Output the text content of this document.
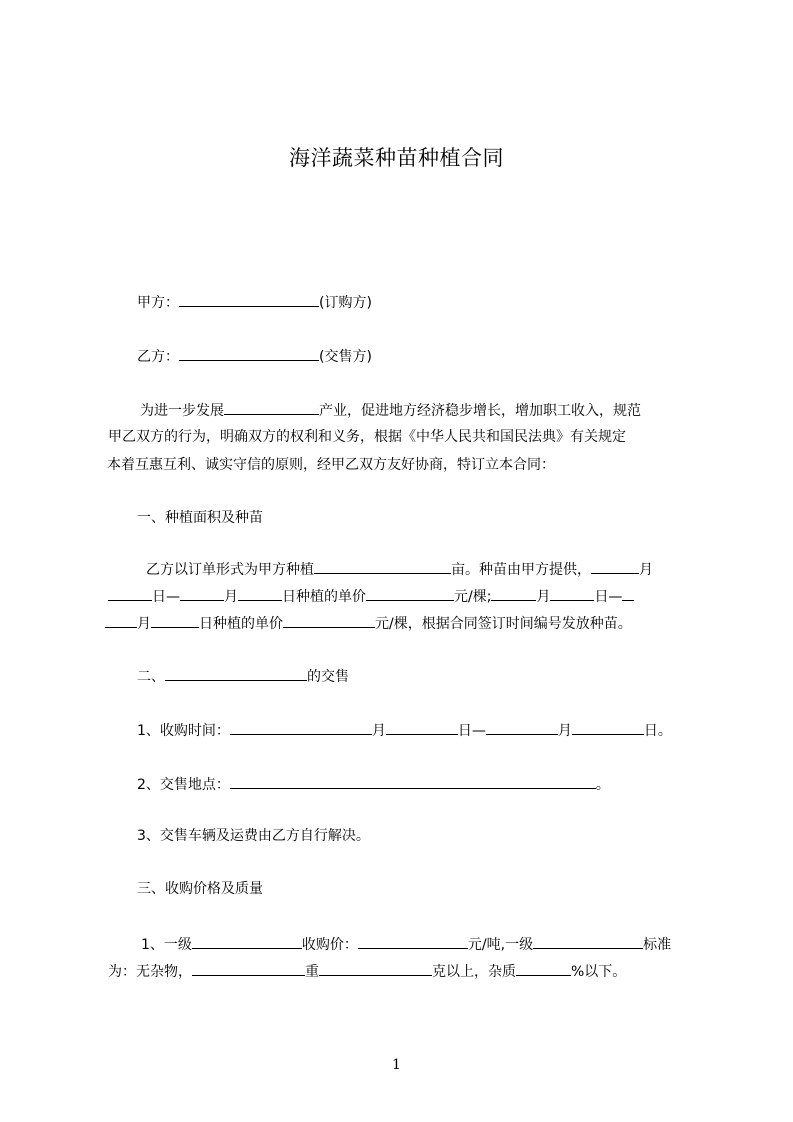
海洋蔬菜种苗种植合同
甲方：	(订购方)
乙方：	(交售方)
为进一步发展	产业，促进地方经济稳步增长，增加职工收入，规范
甲乙双方的行为，明确双方的权利和义务，根据《中华人民共和国民法典》有关规定
本着互惠互利、诚实守信的原则，经甲乙双方友好协商，特订立本合同：
一、种植面积及种苗
乙方以订单形式为甲方种植	亩。种苗由甲方提供，	月
日—	月	日种植的单价	元/棵;	月	日—
月	日种植的单价	元/棵，根据合同签订时间编号发放种苗。
二、	的交售
1、收购时间：	月	日—	月	日。
2、交售地点：	。
3、交售车辆及运费由乙方自行解决。
三、收购价格及质量
1、一级	收购价：	元/吨,一级	标准
为：无杂物，	重	克以上，杂质	%以下。
1
